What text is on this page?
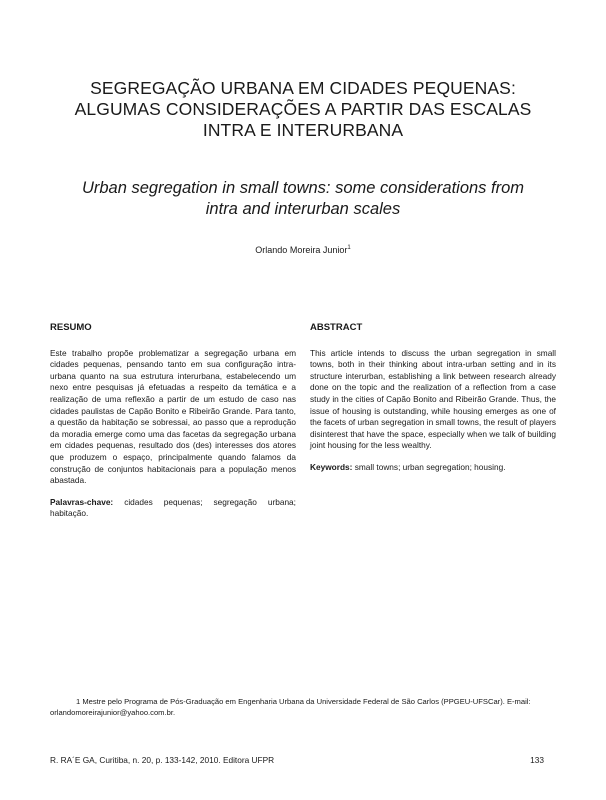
SEGREGAÇÃO URBANA EM CIDADES PEQUENAS:
ALGUMAS CONSIDERAÇÕES A PARTIR DAS ESCALAS
INTRA E INTERURBANA
Urban segregation in small towns: some considerations from
intra and interurban scales
Orlando Moreira Junior$^1$
RESUMO

Este trabalho propõe problematizar a segregação urbana em cidades pequenas, pensando tanto em sua configuração intra-urbana quanto na sua estrutura interurbana, estabelecendo um nexo entre pesquisas já efetuadas a respeito da temática e a realização de uma reflexão a partir de um estudo de caso nas cidades paulistas de Capão Bonito e Ribeirão Grande. Para tanto, a questão da habitação se sobressai, ao passo que a reprodução da moradia emerge como uma das facetas da segregação urbana em cidades pequenas, resultado dos (des) interesses dos atores que produzem o espaço, principalmente quando falamos da construção de conjuntos habitacionais para a população menos abastada.

Palavras-chave: cidades pequenas; segregação urbana; habitação.
ABSTRACT

This article intends to discuss the urban segregation in small towns, both in their thinking about intra-urban setting and in its structure interurban, establishing a link between research already done on the topic and the realization of a reflection from a case study in the cities of Capão Bonito and Ribeirão Grande. Thus, the issue of housing is outstanding, while housing emerges as one of the facets of urban segregation in small towns, the result of players disinterest that have the space, especially when we talk of building joint housing for the less wealthy.

Keywords: small towns; urban segregation; housing.
1 Mestre pelo Programa de Pós-Graduação em Engenharia Urbana da Universidade Federal de São Carlos (PPGEU-UFSCar). E-mail: orlandomoreirajunior@yahoo.com.br.
R. RA´E GA, Curitiba, n. 20, p. 133-142, 2010. Editora UFPR	133
